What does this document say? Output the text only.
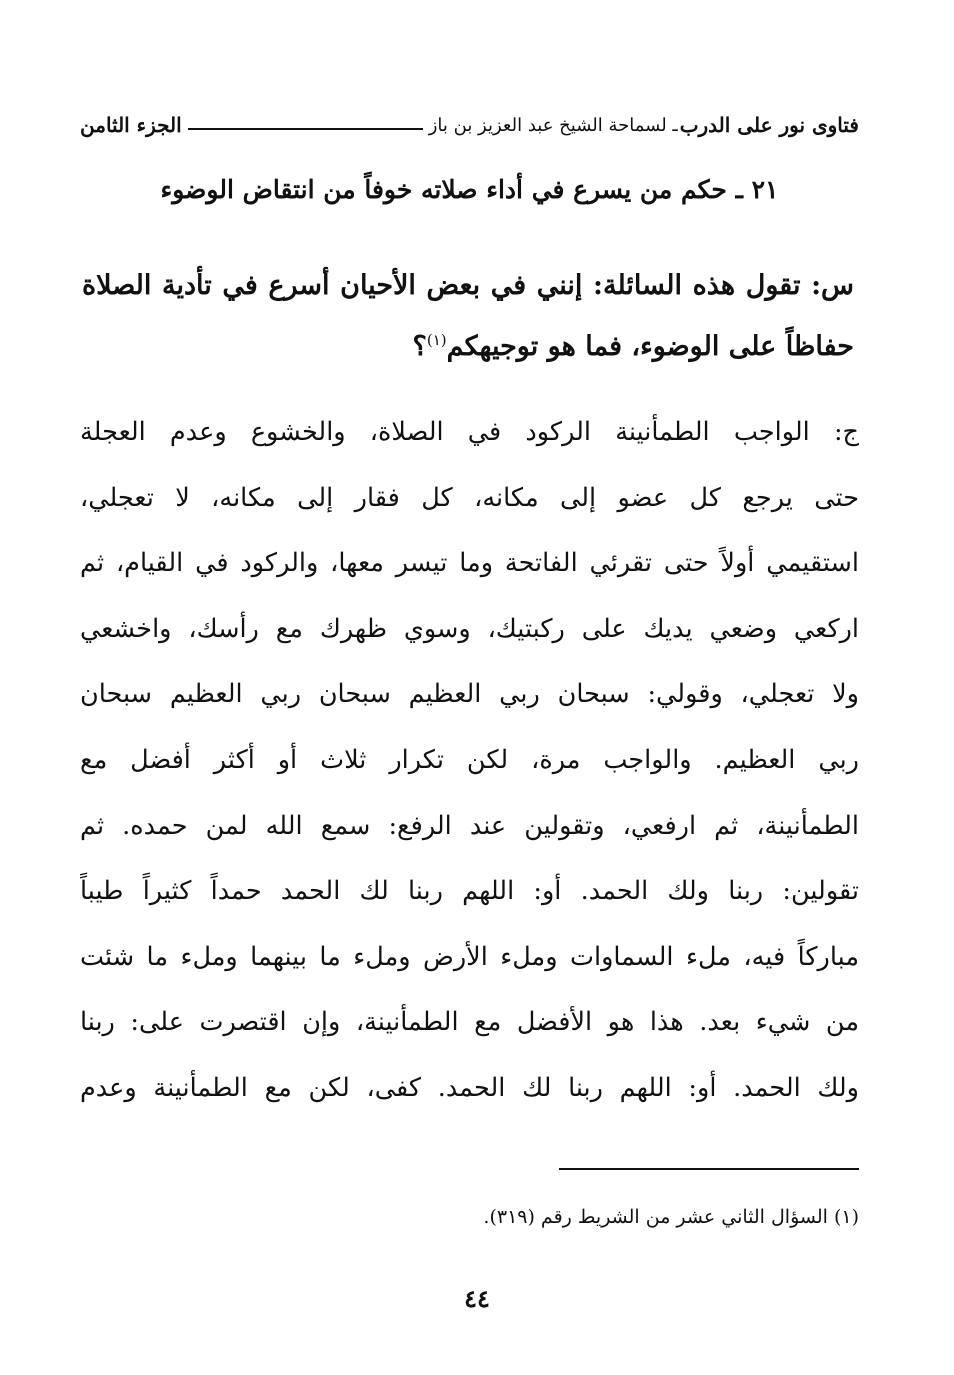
فتاوى نور على الدرب
ـ لسماحة الشيخ عبد العزيز بن باز
الجزء الثامن
٢١ ـ حكم من يسرع في أداء صلاته خوفاً من انتقاض الوضوء
س: تقول هذه السائلة: إنني في بعض الأحيان أسرع في تأدية الصلاة حفاظاً على الوضوء، فما هو توجيهكم$^{(١)}$؟
ج: الواجب الطمأنينة الركود في الصلاة، والخشوع وعدم العجلة
حتى يرجع كل عضو إلى مكانه، كل فقار إلى مكانه، لا تعجلي،
استقيمي أولاً حتى تقرئي الفاتحة وما تيسر معها، والركود في القيام، ثم
اركعي وضعي يديك على ركبتيك، وسوي ظهرك مع رأسك، واخشعي
ولا تعجلي، وقولي: سبحان ربي العظيم سبحان ربي العظيم سبحان
ربي العظيم. والواجب مرة، لكن تكرار ثلاث أو أكثر أفضل مع
الطمأنينة، ثم ارفعي، وتقولين عند الرفع: سمع الله لمن حمده. ثم
تقولين: ربنا ولك الحمد. أو: اللهم ربنا لك الحمد حمداً كثيراً طيباً
مباركاً فيه، ملء السماوات وملء الأرض وملء ما بينهما وملء ما شئت
من شيء بعد. هذا هو الأفضل مع الطمأنينة، وإن اقتصرت على: ربنا
ولك الحمد. أو: اللهم ربنا لك الحمد. كفى، لكن مع الطمأنينة وعدم
(١) السؤال الثاني عشر من الشريط رقم (٣١٩).
٤٤
